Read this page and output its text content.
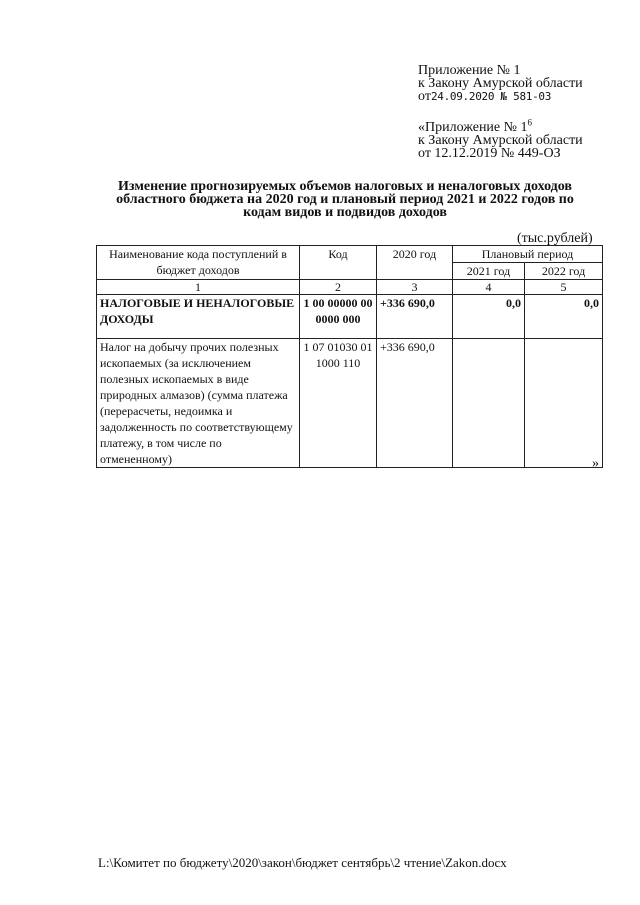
Приложение № 1
к Закону Амурской области
от24.09.2020 № 581-03
«Приложение № $1^6$
к Закону Амурской области
от 12.12.2019 № 449-ОЗ
Изменение прогнозируемых объемов налоговых и неналоговых доходов
областного бюджета на 2020 год и плановый период 2021 и 2022 годов по
кодам видов и подвидов доходов
(тыс.рублей)
Наименование кода поступлений в бюджет доходов	Код	2020 год	Плановый период	
			2021 год	2022 год
1	2	3	4	5
НАЛОГОВЫЕ И НЕНАЛОГОВЫЕ ДОХОДЫ	1 00 00000 00 0000 000	+336 690,0	0,0	0,0
Налог на добычу прочих полезных ископаемых (за исключением полезных ископаемых в виде природных алмазов) (сумма платежа (перерасчеты, недоимка и задолженность по соответствующему платежу, в том числе по отмененному)	1 07 01030 01 1000 110	+336 690,0		
»
L:\Комитет по бюджету\2020\закон\бюджет сентябрь\2 чтение\Zakon.docx
